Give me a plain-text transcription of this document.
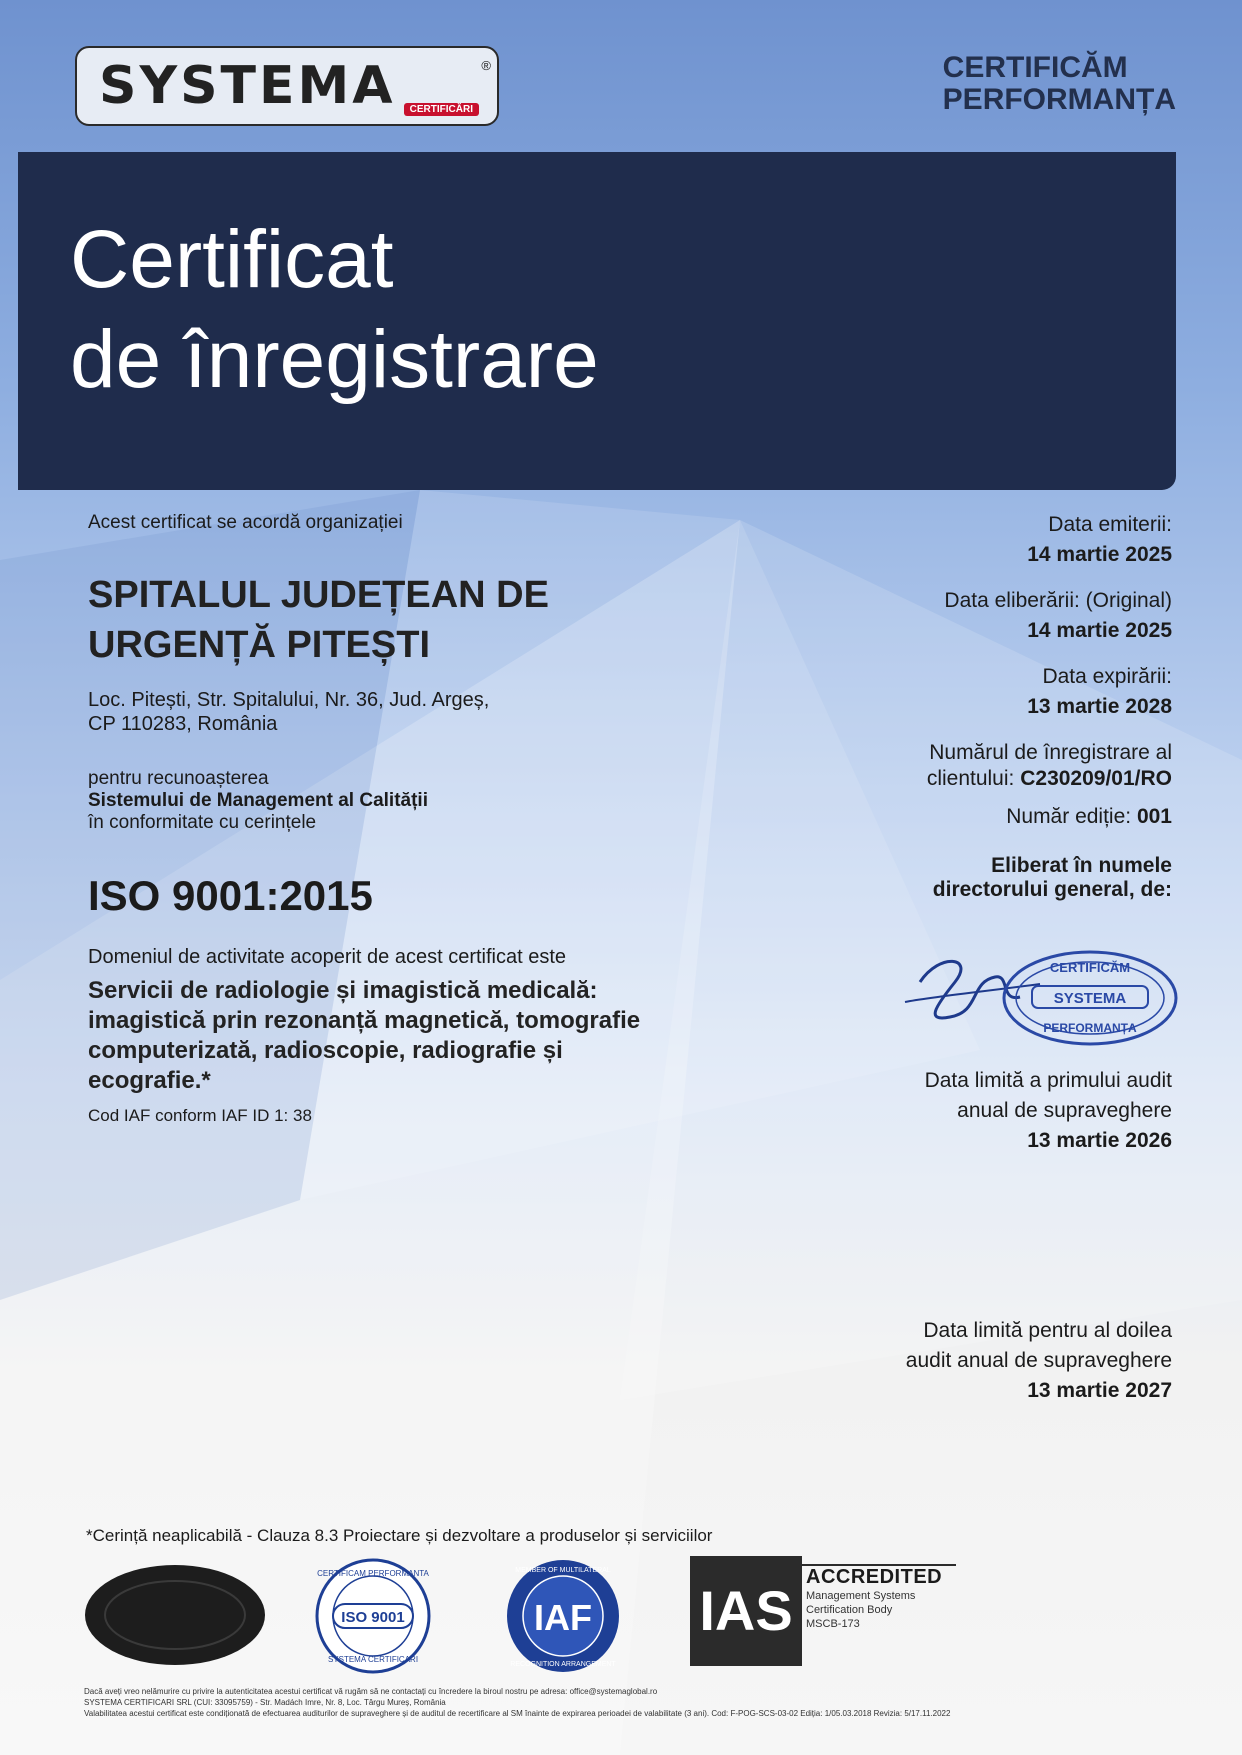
SYSTEMA	®
CERTIFICĂRI
CERTIFICĂM
PERFORMANȚA
Certificat
de înregistrare
Acest certificat se acordă organizației
SPITALUL JUDEȚEAN DE
URGENȚĂ PITEȘTI
Loc. Pitești, Str. Spitalului, Nr. 36, Jud. Argeș,
CP 110283, România
pentru recunoașterea
Sistemului de Management al Calității
în conformitate cu cerințele
ISO 9001:2015
Domeniul de activitate acoperit de acest certificat este
Servicii de radiologie și imagistică medicală:
imagistică prin rezonanță magnetică, tomografie
computerizată, radioscopie, radiografie și
ecografie.*
Cod IAF conform IAF ID 1: 38
Data emiterii:
14 martie 2025
Data eliberării: (Original)
14 martie 2025
Data expirării:
13 martie 2028
Numărul de înregistrare al
clientului: C230209/01/RO
Număr ediție: 001
Eliberat în numele
directorului general, de:
CERTIFICĂM
SYSTEMA
PERFORMANȚA
Data limită a primului audit
anual de supraveghere
13 martie 2026
Data limită pentru al doilea
audit anual de supraveghere
13 martie 2027
*Cerință neaplicabilă - Clauza 8.3 Proiectare și dezvoltare a produselor și serviciilor
ISO 9001
CERTIFICAM PERFORMANTA
SYSTEMA CERTIFICARI
IAF
MEMBER OF MULTILATERAL
RECOGNITION ARRANGEMENT
IAS
ACCREDITED
Management Systems
Certification Body
MSCB-173
Dacă aveți vreo nelămurire cu privire la autenticitatea acestui certificat vă rugăm să ne contactați cu încredere la biroul nostru pe adresa: office@systemaglobal.ro
SYSTEMA CERTIFICARI SRL (CUI: 33095759) - Str. Madách Imre, Nr. 8, Loc. Târgu Mureș, România
Valabilitatea acestui certificat este condiționată de efectuarea auditurilor de supraveghere și de auditul de recertificare al SM înainte de expirarea perioadei de valabilitate (3 ani). Cod: F-POG-SCS-03-02 Ediția: 1/05.03.2018 Revizia: 5/17.11.2022
